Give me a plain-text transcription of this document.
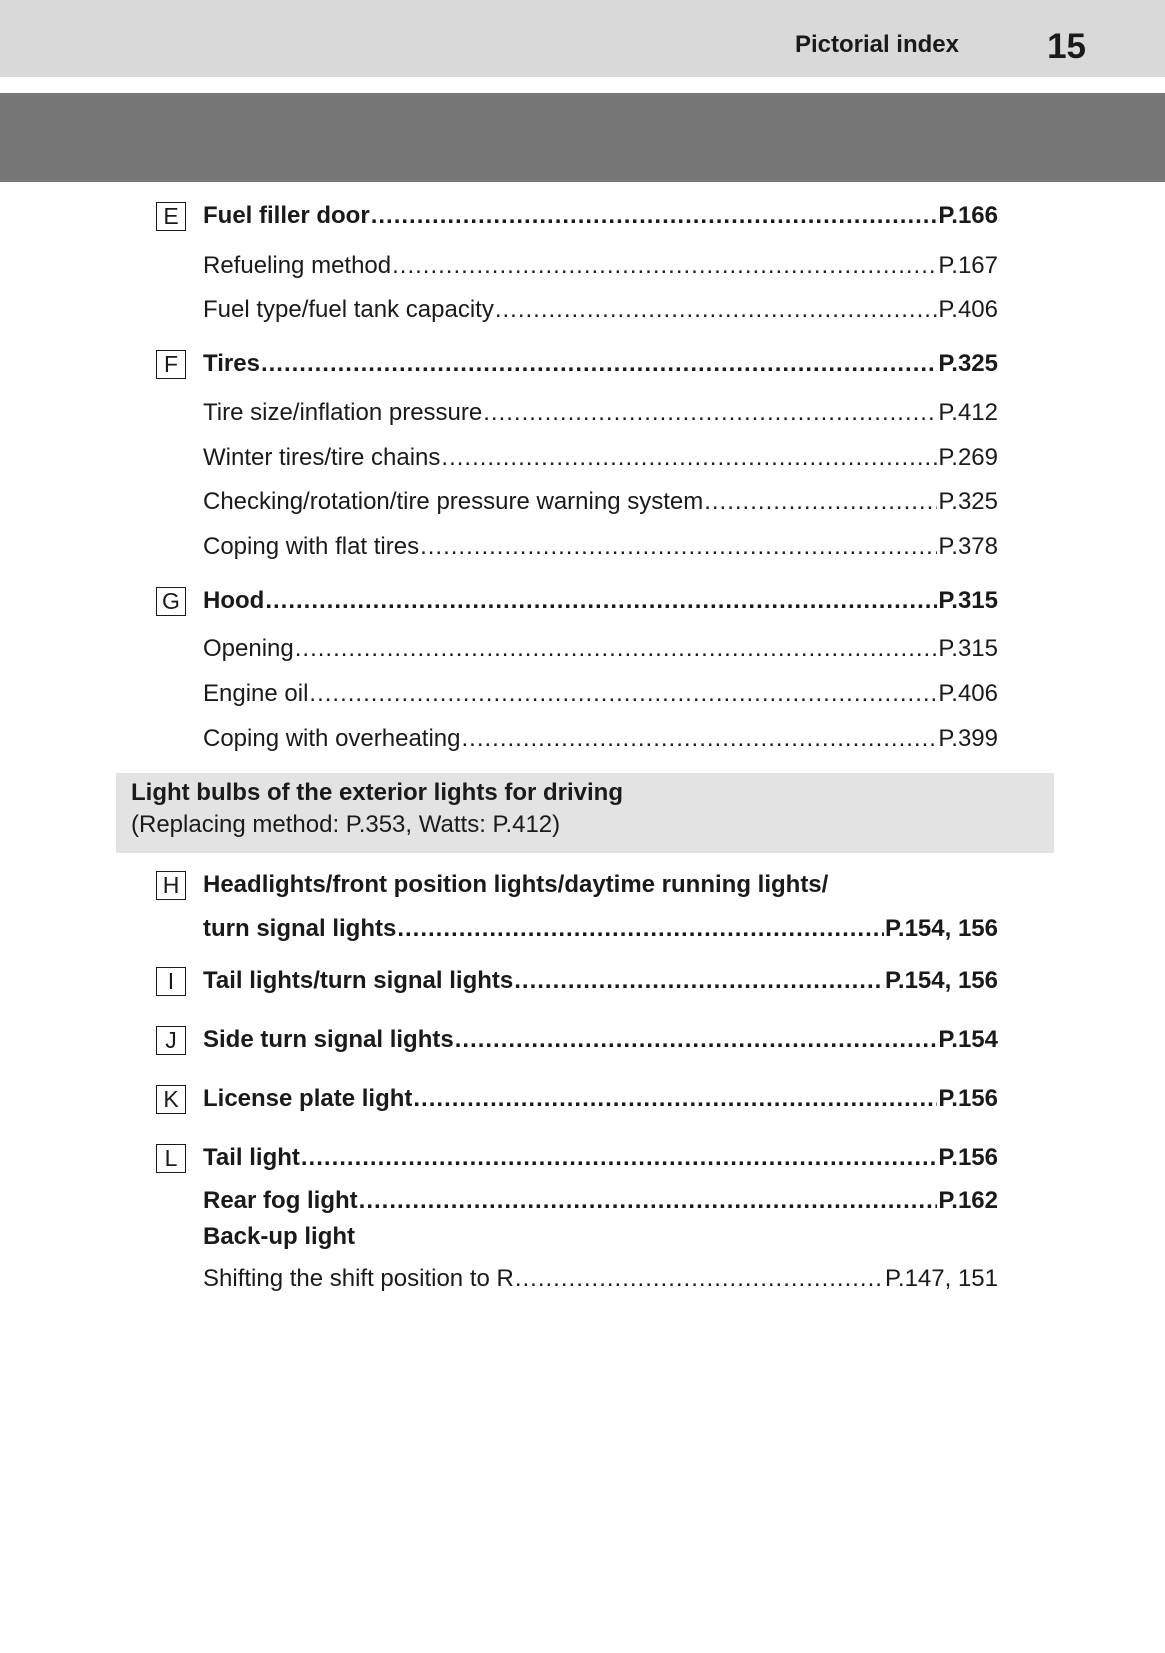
Pictorial index	15
E	Fuel filler door .....	P.166
Refueling method .....	P.167
Fuel type/fuel tank capacity .....	P.406
F	Tires .....	P.325
Tire size/inflation pressure .....	P.412
Winter tires/tire chains .....	P.269
Checking/rotation/tire pressure warning system .....	P.325
Coping with flat tires .....	P.378
G Hood .....	P.315
Opening .....	P.315
Engine oil .....	P.406
Coping with overheating .....	P.399
Light bulbs of the exterior lights for driving
(Replacing method: P.353, Watts: P.412)
H Headlights/front position lights/daytime running lights/
turn signal lights .....	P.154, 156
I	Tail lights/turn signal lights .....	P.154, 156
J	Side turn signal lights .....	P.154
K	License plate light .....	P.156
L	Tail light .....	P.156
Rear fog light .....	P.162
Back-up light
Shifting the shift position to R .....	P.147, 151
